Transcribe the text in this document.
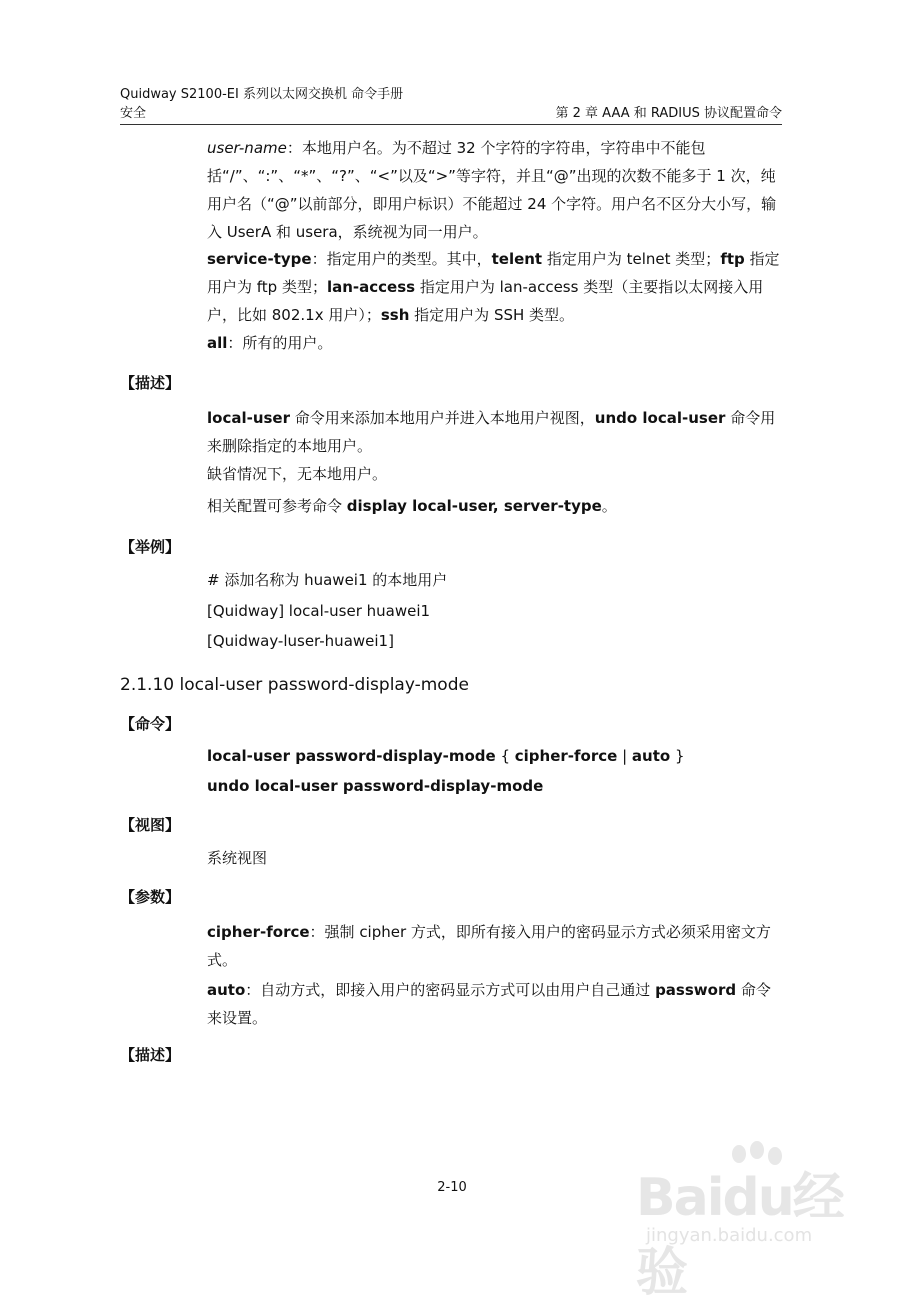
Quidway S2100-EI 系列以太网交换机 命令手册
安全	第 2 章 AAA 和 RADIUS 协议配置命令
user-name：本地用户名。为不超过 32 个字符的字符串，字符串中不能包括“/”、“:”、“*”、“?”、“<”以及“>”等字符，并且“@”出现的次数不能多于 1 次，纯用户名（“@”以前部分，即用户标识）不能超过 24 个字符。用户名不区分大小写，输入 UserA 和 usera，系统视为同一用户。
service-type：指定用户的类型。其中，telent 指定用户为 telnet 类型；ftp 指定用户为 ftp 类型；lan-access 指定用户为 lan-access 类型（主要指以太网接入用户，比如 802.1x 用户）；ssh 指定用户为 SSH 类型。
all：所有的用户。
【描述】
local-user 命令用来添加本地用户并进入本地用户视图，undo local-user 命令用来删除指定的本地用户。
缺省情况下，无本地用户。
相关配置可参考命令 display local-user, server-type。
【举例】
# 添加名称为 huawei1 的本地用户
[Quidway] local-user huawei1
[Quidway-luser-huawei1]
2.1.10 local-user password-display-mode
【命令】
local-user password-display-mode { cipher-force | auto }
undo local-user password-display-mode
【视图】
系统视图
【参数】
cipher-force：强制 cipher 方式，即所有接入用户的密码显示方式必须采用密文方式。
auto：自动方式，即接入用户的密码显示方式可以由用户自己通过 password 命令来设置。
【描述】
2-10	Baidu经验
jingyan.baidu.com
